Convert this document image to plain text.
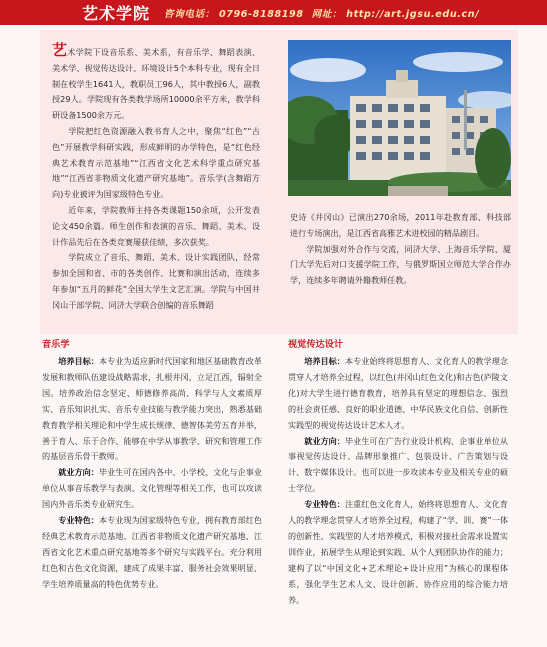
艺术学院 咨询电话： 0796-8188198 网址： http://art.jgsu.edu.cn/

艺术学院下设音乐系、美术系，有音乐学、舞蹈表演、美术学、视觉传达设计、环境设计5个本科专业，现有全日制在校学生1641人，教职员工96人，其中教授6人，副教授29人。学院现有各类教学场所10000余平方米，教学科研设备1500余万元。

学院把红色资源融入教书育人之中，聚焦“红色”“古色”开展教学科研实践，形成鲜明的办学特色，是“红色经典艺术教育示范基地”“江西省文化艺术科学重点研究基地”“江西省非物质文化遗产研究基地”。音乐学(含舞蹈方向)专业被评为国家级特色专业。

近年来，学院教师主持各类课题150余项，公开发表论文450余篇。师生创作和表演的音乐、舞蹈、美术、设计作品先后在各类竞赛屡获佳绩，多次获奖。

学院成立了音乐、舞蹈、美术、设计实践团队，经常参加全国和省、市的各类创作、比赛和演出活动，连续多年参加“五月的鲜花”全国大学生文艺汇演。学院与中国井冈山干部学院、同济大学联合创编的音乐舞蹈

史诗《井冈山》已演出270余场，2011年赴教育部、科技部进行专场演出，是江西省高雅艺术进校园的精品剧目。

学院加强对外合作与交流，同济大学、上海音乐学院、厦门大学先后对口支援学院工作，与俄罗斯国立师范大学合作办学，连续多年聘请外籍教师任教。

音乐学

培养目标：本专业为适应新时代国家和地区基础教育改革发展和教师队伍建设战略需求，扎根井冈，立足江西，辐射全国。培养政治信念坚定、师德修养高尚、科学与人文素质厚实、音乐知识扎实、音乐专业技能与教学能力突出，熟悉基础教育教学相关理论和中学生成长规律、德智体美劳五育并举，善于育人、乐于合作、能够在中学从事教学、研究和管理工作的基层音乐骨干教师。

就业方向：毕业生可在国内各中、小学校、文化与企事业单位从事音乐教学与表演、文化管理等相关工作，也可以攻读国内外音乐类专业研究生。

专业特色：本专业现为国家级特色专业，拥有教育部红色经典艺术教育示范基地、江西省非物质文化遗产研究基地、江西省文化艺术重点研究基地等多个研究与实践平台。充分利用红色和古色文化资源，建成了成果丰富、服务社会效果明显、学生培养质量高的特色优势专业。

视觉传达设计

培养目标：本专业始终将思想育人、文化育人的教学理念贯穿人才培养全过程，以红色(井冈山红色文化)和古色(庐陵文化)对大学生进行德育教育，培养具有坚定的理想信念、强烈的社会责任感、良好的职业道德、中华民族文化自信、创新性实践型的视觉传达设计艺术人才。

就业方向：毕业生可在广告行业设计机构、企事业单位从事视觉传达设计、品牌形象推广、包装设计、广告策划与设计、数字媒体设计。也可以进一步攻读本专业及相关专业的硕士学位。

专业特色：注重红色文化育人，始终将思想育人、文化育人的教学理念贯穿人才培养全过程，构建了“学、训、赛”一体的创新性、实践型的人才培养模式，积极对接社会需求设置实训作业，拓展学生从理论到实践、从个人到团队协作的能力；建构了以“中国文化+艺术理论+设计应用”为核心的课程体系，强化学生艺术人文、设计创新、协作应用的综合能力培养。
